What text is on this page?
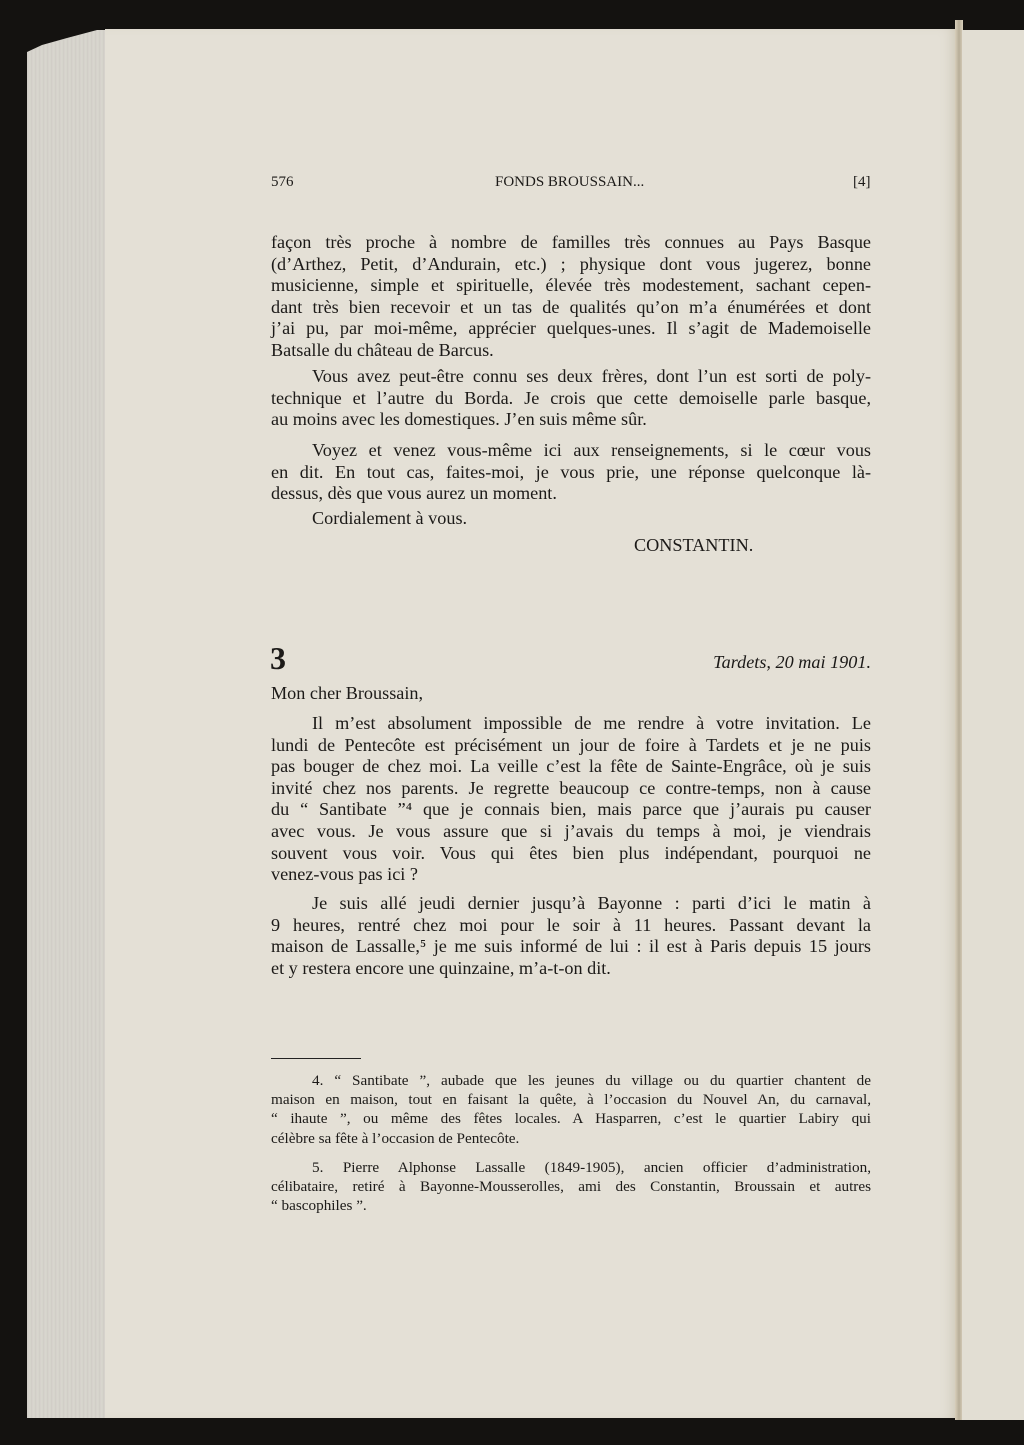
576	FONDS BROUSSAIN...	[4]
façon très proche à nombre de familles très connues au Pays Basque
(d’Arthez, Petit, d’Andurain, etc.) ; physique dont vous jugerez, bonne
musicienne, simple et spirituelle, élevée très modestement, sachant cepen-
dant très bien recevoir et un tas de qualités qu’on m’a énumérées et dont
j’ai pu, par moi-même, apprécier quelques-unes. Il s’agit de Mademoiselle
Batsalle du château de Barcus.
Vous avez peut-être connu ses deux frères, dont l’un est sorti de poly-
technique et l’autre du Borda. Je crois que cette demoiselle parle basque,
au moins avec les domestiques. J’en suis même sûr.
Voyez et venez vous-même ici aux renseignements, si le cœur vous
en dit. En tout cas, faites-moi, je vous prie, une réponse quelconque là-
dessus, dès que vous aurez un moment.
Cordialement à vous.
CONSTANTIN.
3	Tardets, 20 mai 1901.
Mon cher Broussain,
Il m’est absolument impossible de me rendre à votre invitation. Le
lundi de Pentecôte est précisément un jour de foire à Tardets et je ne puis
pas bouger de chez moi. La veille c’est la fête de Sainte-Engrâce, où je suis
invité chez nos parents. Je regrette beaucoup ce contre-temps, non à cause
du “ Santibate ”⁴ que je connais bien, mais parce que j’aurais pu causer
avec vous. Je vous assure que si j’avais du temps à moi, je viendrais
souvent vous voir. Vous qui êtes bien plus indépendant, pourquoi ne
venez-vous pas ici ?
Je suis allé jeudi dernier jusqu’à Bayonne : parti d’ici le matin à
9 heures, rentré chez moi pour le soir à 11 heures. Passant devant la
maison de Lassalle,⁵ je me suis informé de lui : il est à Paris depuis 15 jours
et y restera encore une quinzaine, m’a-t-on dit.
4. “ Santibate ”, aubade que les jeunes du village ou du quartier chantent de
maison en maison, tout en faisant la quête, à l’occasion du Nouvel An, du carnaval,
“ ihaute ”, ou même des fêtes locales. A Hasparren, c’est le quartier Labiry qui
célèbre sa fête à l’occasion de Pentecôte.
5. Pierre Alphonse Lassalle (1849-1905), ancien officier d’administration,
célibataire, retiré à Bayonne-Mousserolles, ami des Constantin, Broussain et autres
“ bascophiles ”.
